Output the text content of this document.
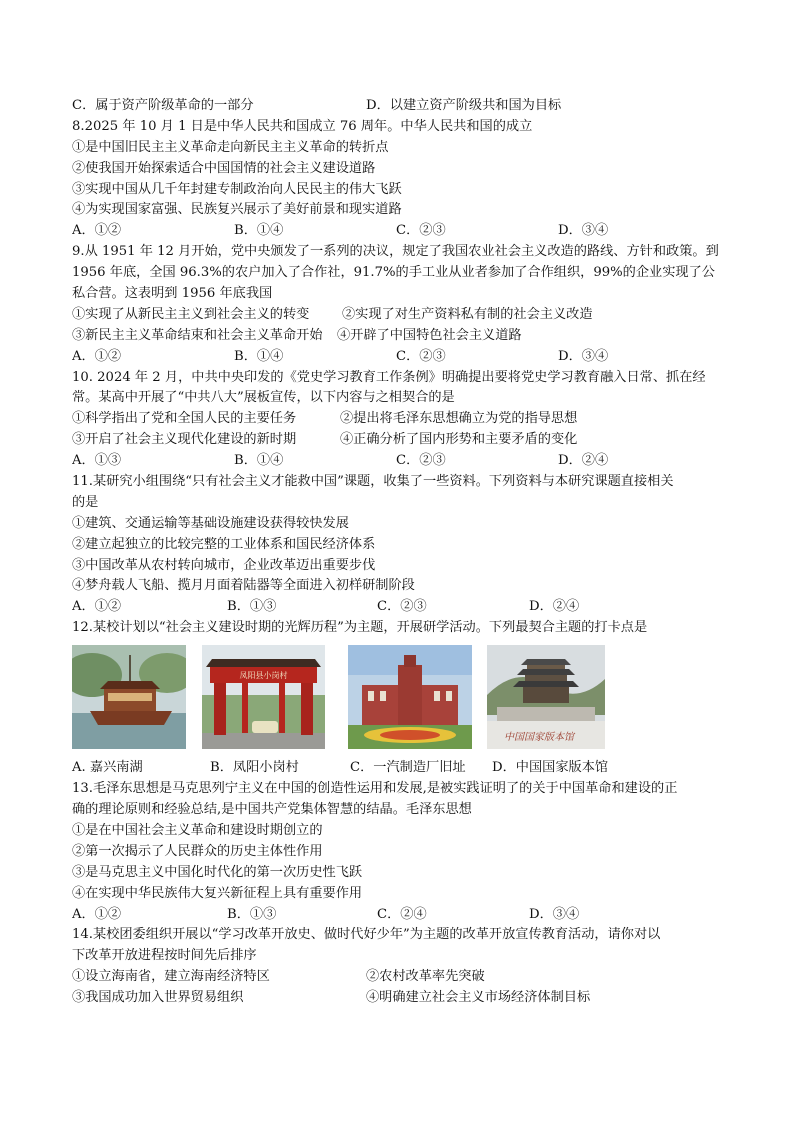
C．属于资产阶级革命的一部分	D．以建立资产阶级共和国为目标
8.2025 年 10 月 1 日是中华人民共和国成立 76 周年。中华人民共和国的成立
①是中国旧民主主义革命走向新民主主义革命的转折点
②使我国开始探索适合中国国情的社会主义建设道路
③实现中国从几千年封建专制政治向人民民主的伟大飞跃
④为实现国家富强、民族复兴展示了美好前景和现实道路
A．①②	B．①④	C．②③	D．③④
9.从 1951 年 12 月开始，党中央颁发了一系列的决议，规定了我国农业社会主义改造的路线、方针和政策。到
1956 年底，全国 96.3%的农户加入了合作社，91.7%的手工业从业者参加了合作组织，99%的企业实现了公
私合营。这表明到 1956 年底我国
①实现了从新民主主义到社会主义的转变	②实现了对生产资料私有制的社会主义改造
③新民主主义革命结束和社会主义革命开始	④开辟了中国特色社会主义道路
A．①②	B．①④	C．②③	D．③④
10. 2024 年 2 月，中共中央印发的《党史学习教育工作条例》明确提出要将党史学习教育融入日常、抓在经
常。某高中开展了“中共八大”展板宣传，以下内容与之相契合的是
①科学指出了党和全国人民的主要任务	②提出将毛泽东思想确立为党的指导思想
③开启了社会主义现代化建设的新时期	④正确分析了国内形势和主要矛盾的变化
A．①③	B．①④	C．②③	D．②④
11.某研究小组围绕“只有社会主义才能救中国”课题，收集了一些资料。下列资料与本研究课题直接相关
的是
①建筑、交通运输等基础设施建设获得较快发展
②建立起独立的比较完整的工业体系和国民经济体系
③中国改革从农村转向城市，企业改革迈出重要步伐
④梦舟载人飞船、揽月月面着陆器等全面进入初样研制阶段
A．①②	B．①③	C．②③	D．②④
12.某校计划以“社会主义建设时期的光辉历程”为主题，开展研学活动。下列最契合主题的打卡点是
凤阳县小岗村
中国国家版本馆
A. 嘉兴南湖	B．凤阳小岗村	C．一汽制造厂旧址	D．中国国家版本馆
13.毛泽东思想是马克思列宁主义在中国的创造性运用和发展,是被实践证明了的关于中国革命和建设的正
确的理论原则和经验总结,是中国共产党集体智慧的结晶。毛泽东思想
①是在中国社会主义革命和建设时期创立的
②第一次揭示了人民群众的历史主体性作用
③是马克思主义中国化时代化的第一次历史性飞跃
④在实现中华民族伟大复兴新征程上具有重要作用
A．①②	B．①③	C．②④	D．③④
14.某校团委组织开展以“学习改革开放史、做时代好少年”为主题的改革开放宣传教育活动，请你对以
下改革开放进程按时间先后排序
①设立海南省，建立海南经济特区	②农村改革率先突破
③我国成功加入世界贸易组织	④明确建立社会主义市场经济体制目标
